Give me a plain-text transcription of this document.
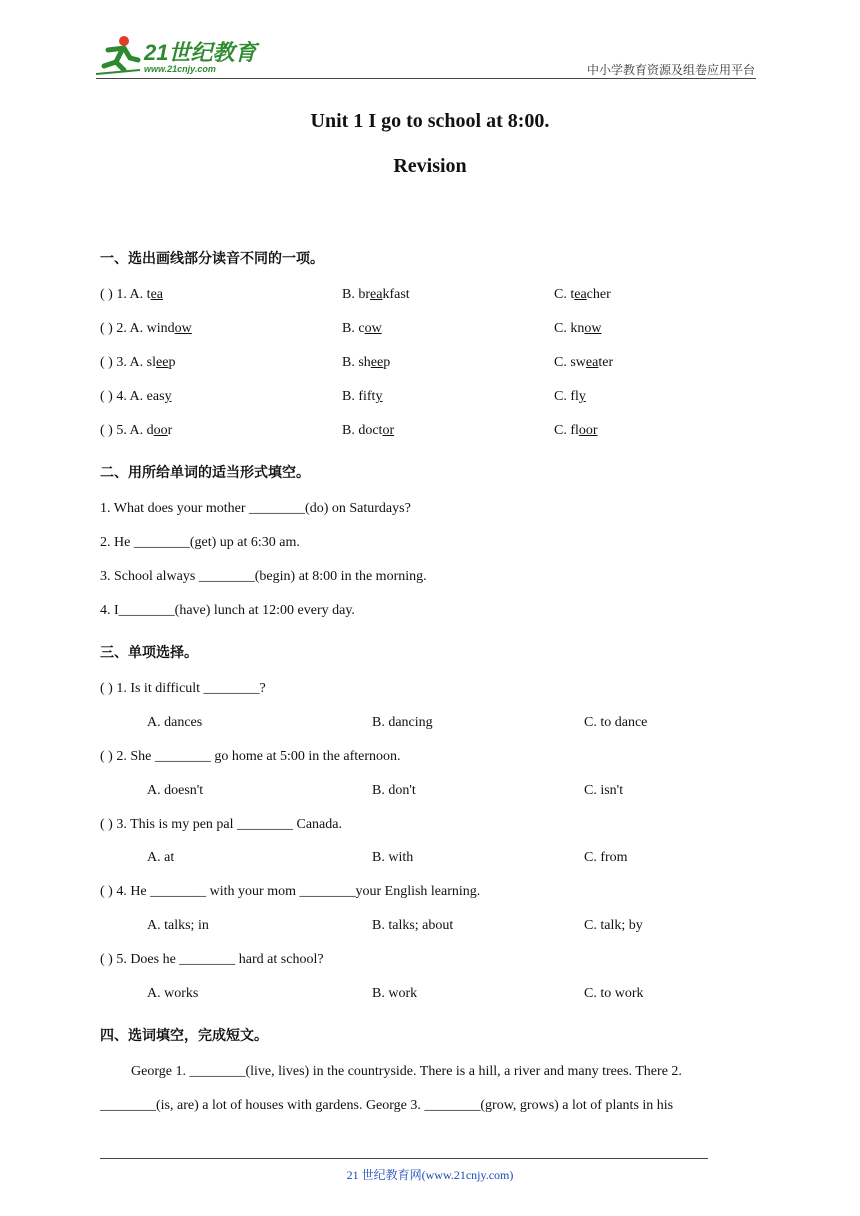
21世纪教育
www.21cnjy.com	中小学教育资源及组卷应用平台
Unit 1 I go to school at 8:00.
Revision
一、选出画线部分读音不同的一项。
( ) 1. A. tea	B. breakfast	C. teacher
( ) 2. A. window	B. cow	C. know
( ) 3. A. sleep	B. sheep	C. sweater
( ) 4. A. easy	B. fifty	C. fly
( ) 5. A. door	B. doctor	C. floor
二、用所给单词的适当形式填空。
1. What does your mother ________(do) on Saturdays?
2. He ________(get) up at 6:30 am.
3. School always ________(begin) at 8:00 in the morning.
4. I________(have) lunch at 12:00 every day.
三、单项选择。
( ) 1. Is it difficult ________?
A. dances	B. dancing	C. to dance
( ) 2. She ________ go home at 5:00 in the afternoon.
A. doesn't	B. don't	C. isn't
( ) 3. This is my pen pal ________ Canada.
A. at	B. with	C. from
( ) 4. He ________ with your mom ________your English learning.
A. talks; in	B. talks; about	C. talk; by
( ) 5. Does he ________ hard at school?
A. works	B. work	C. to work
四、选词填空，完成短文。
George 1. ________(live, lives) in the countryside. There is a hill, a river and many trees. There 2.
________(is, are) a lot of houses with gardens. George 3. ________(grow, grows) a lot of plants in his
21 世纪教育网(www.21cnjy.com)
